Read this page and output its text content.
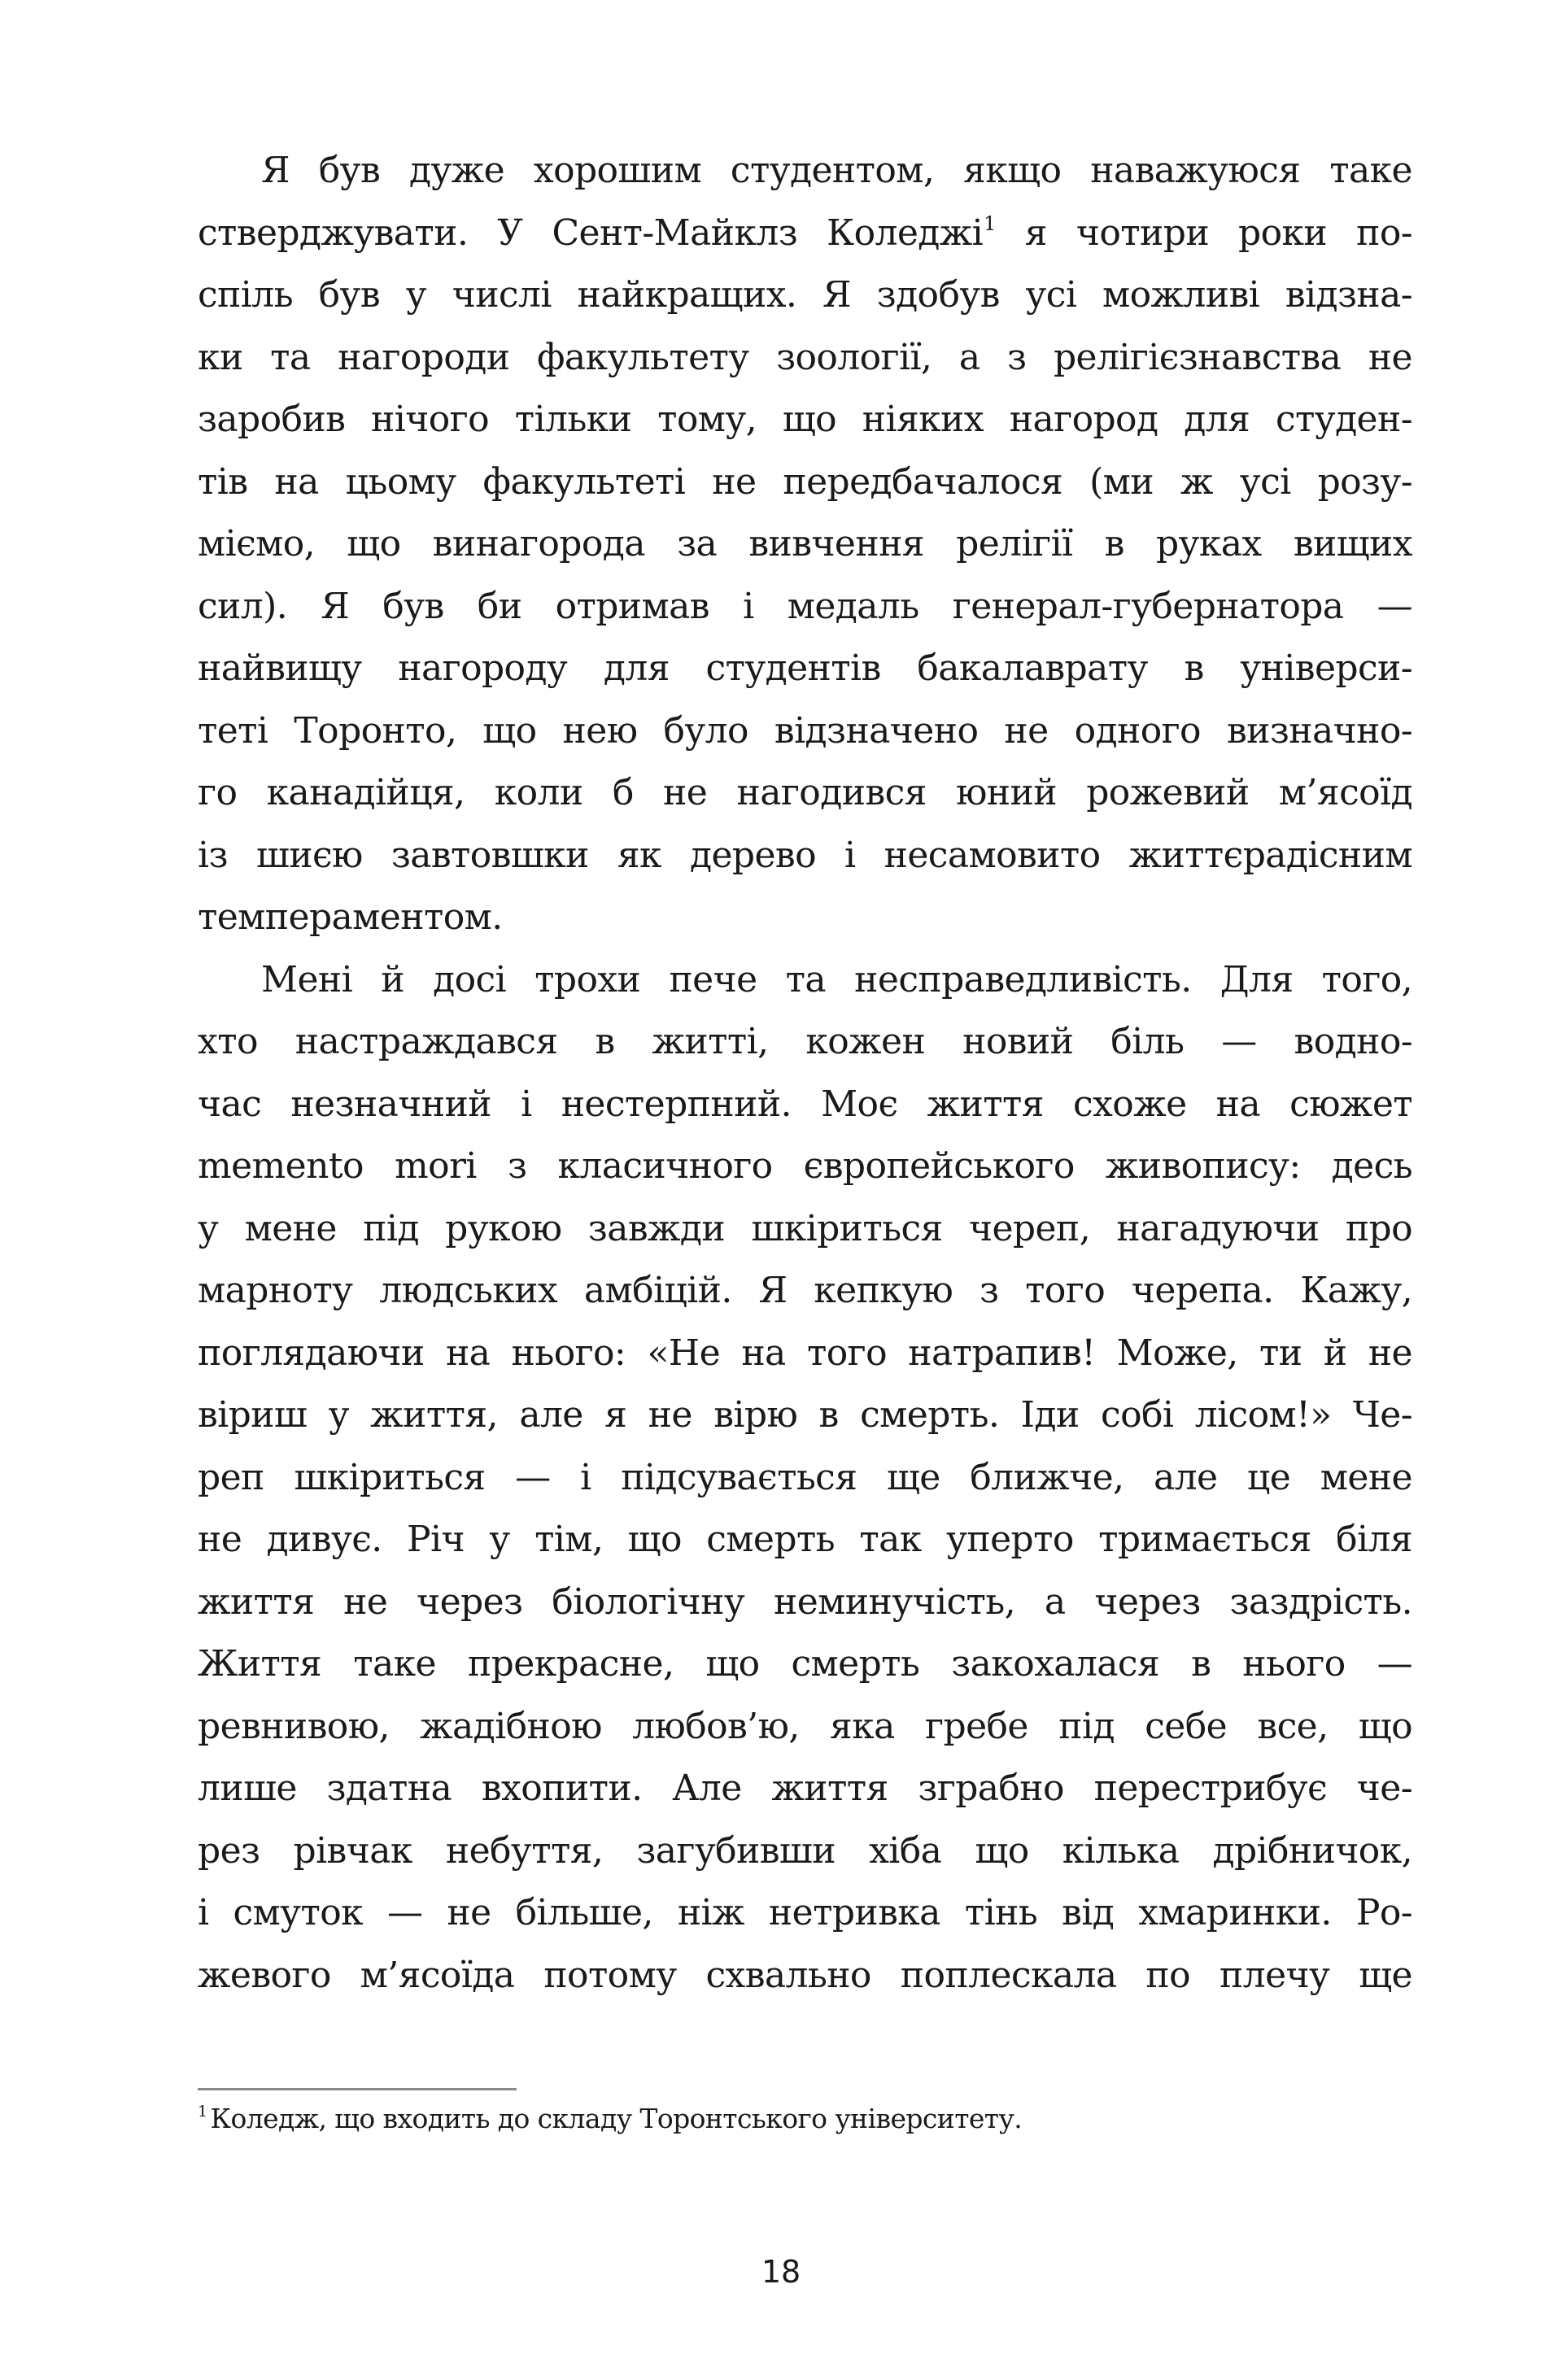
Я був дуже хорошим студентом, якщо наважуюся таке
стверджувати. У Сент-Майклз Коледжі$^1$ я чотири роки по-
спіль був у числі найкращих. Я здобув усі можливі відзна-
ки та нагороди факультету зоології, а з релігієзнавства не
заробив нічого тільки тому, що ніяких нагород для студен-
тів на цьому факультеті не передбачалося (ми ж усі розу-
міємо, що винагорода за вивчення релігії в руках вищих
сил). Я був би отримав і медаль генерал-губернатора —
найвищу нагороду для студентів бакалаврату в універси-
теті Торонто, що нею було відзначено не одного визначно-
го канадійця, коли б не нагодився юний рожевий м’ясоїд
із шиєю завтовшки як дерево і несамовито життєрадісним
темпераментом.
Мені й досі трохи пече та несправедливість. Для того,
хто настраждався в житті, кожен новий біль — водно-
час незначний і нестерпний. Моє життя схоже на сюжет
memento mori з класичного європейського живопису: десь
у мене під рукою завжди шкіриться череп, нагадуючи про
марноту людських амбіцій. Я кепкую з того черепа. Кажу,
поглядаючи на нього: «Не на того натрапив! Може, ти й не
віриш у життя, але я не вірю в смерть. Іди собі лісом!» Че-
реп шкіриться — і підсувається ще ближче, але це мене
не дивує. Річ у тім, що смерть так уперто тримається біля
життя не через біологічну неминучість, а через заздрість.
Життя таке прекрасне, що смерть закохалася в нього —
ревнивою, жадібною любов’ю, яка гребе під себе все, що
лише здатна вхопити. Але життя зграбно перестрибує че-
рез рівчак небуття, загубивши хіба що кілька дрібничок,
і смуток — не більше, ніж нетривка тінь від хмаринки. Ро-
жевого м’ясоїда потому схвально поплескала по плечу ще
$^1$ Коледж, що входить до складу Торонтського університету.
18
